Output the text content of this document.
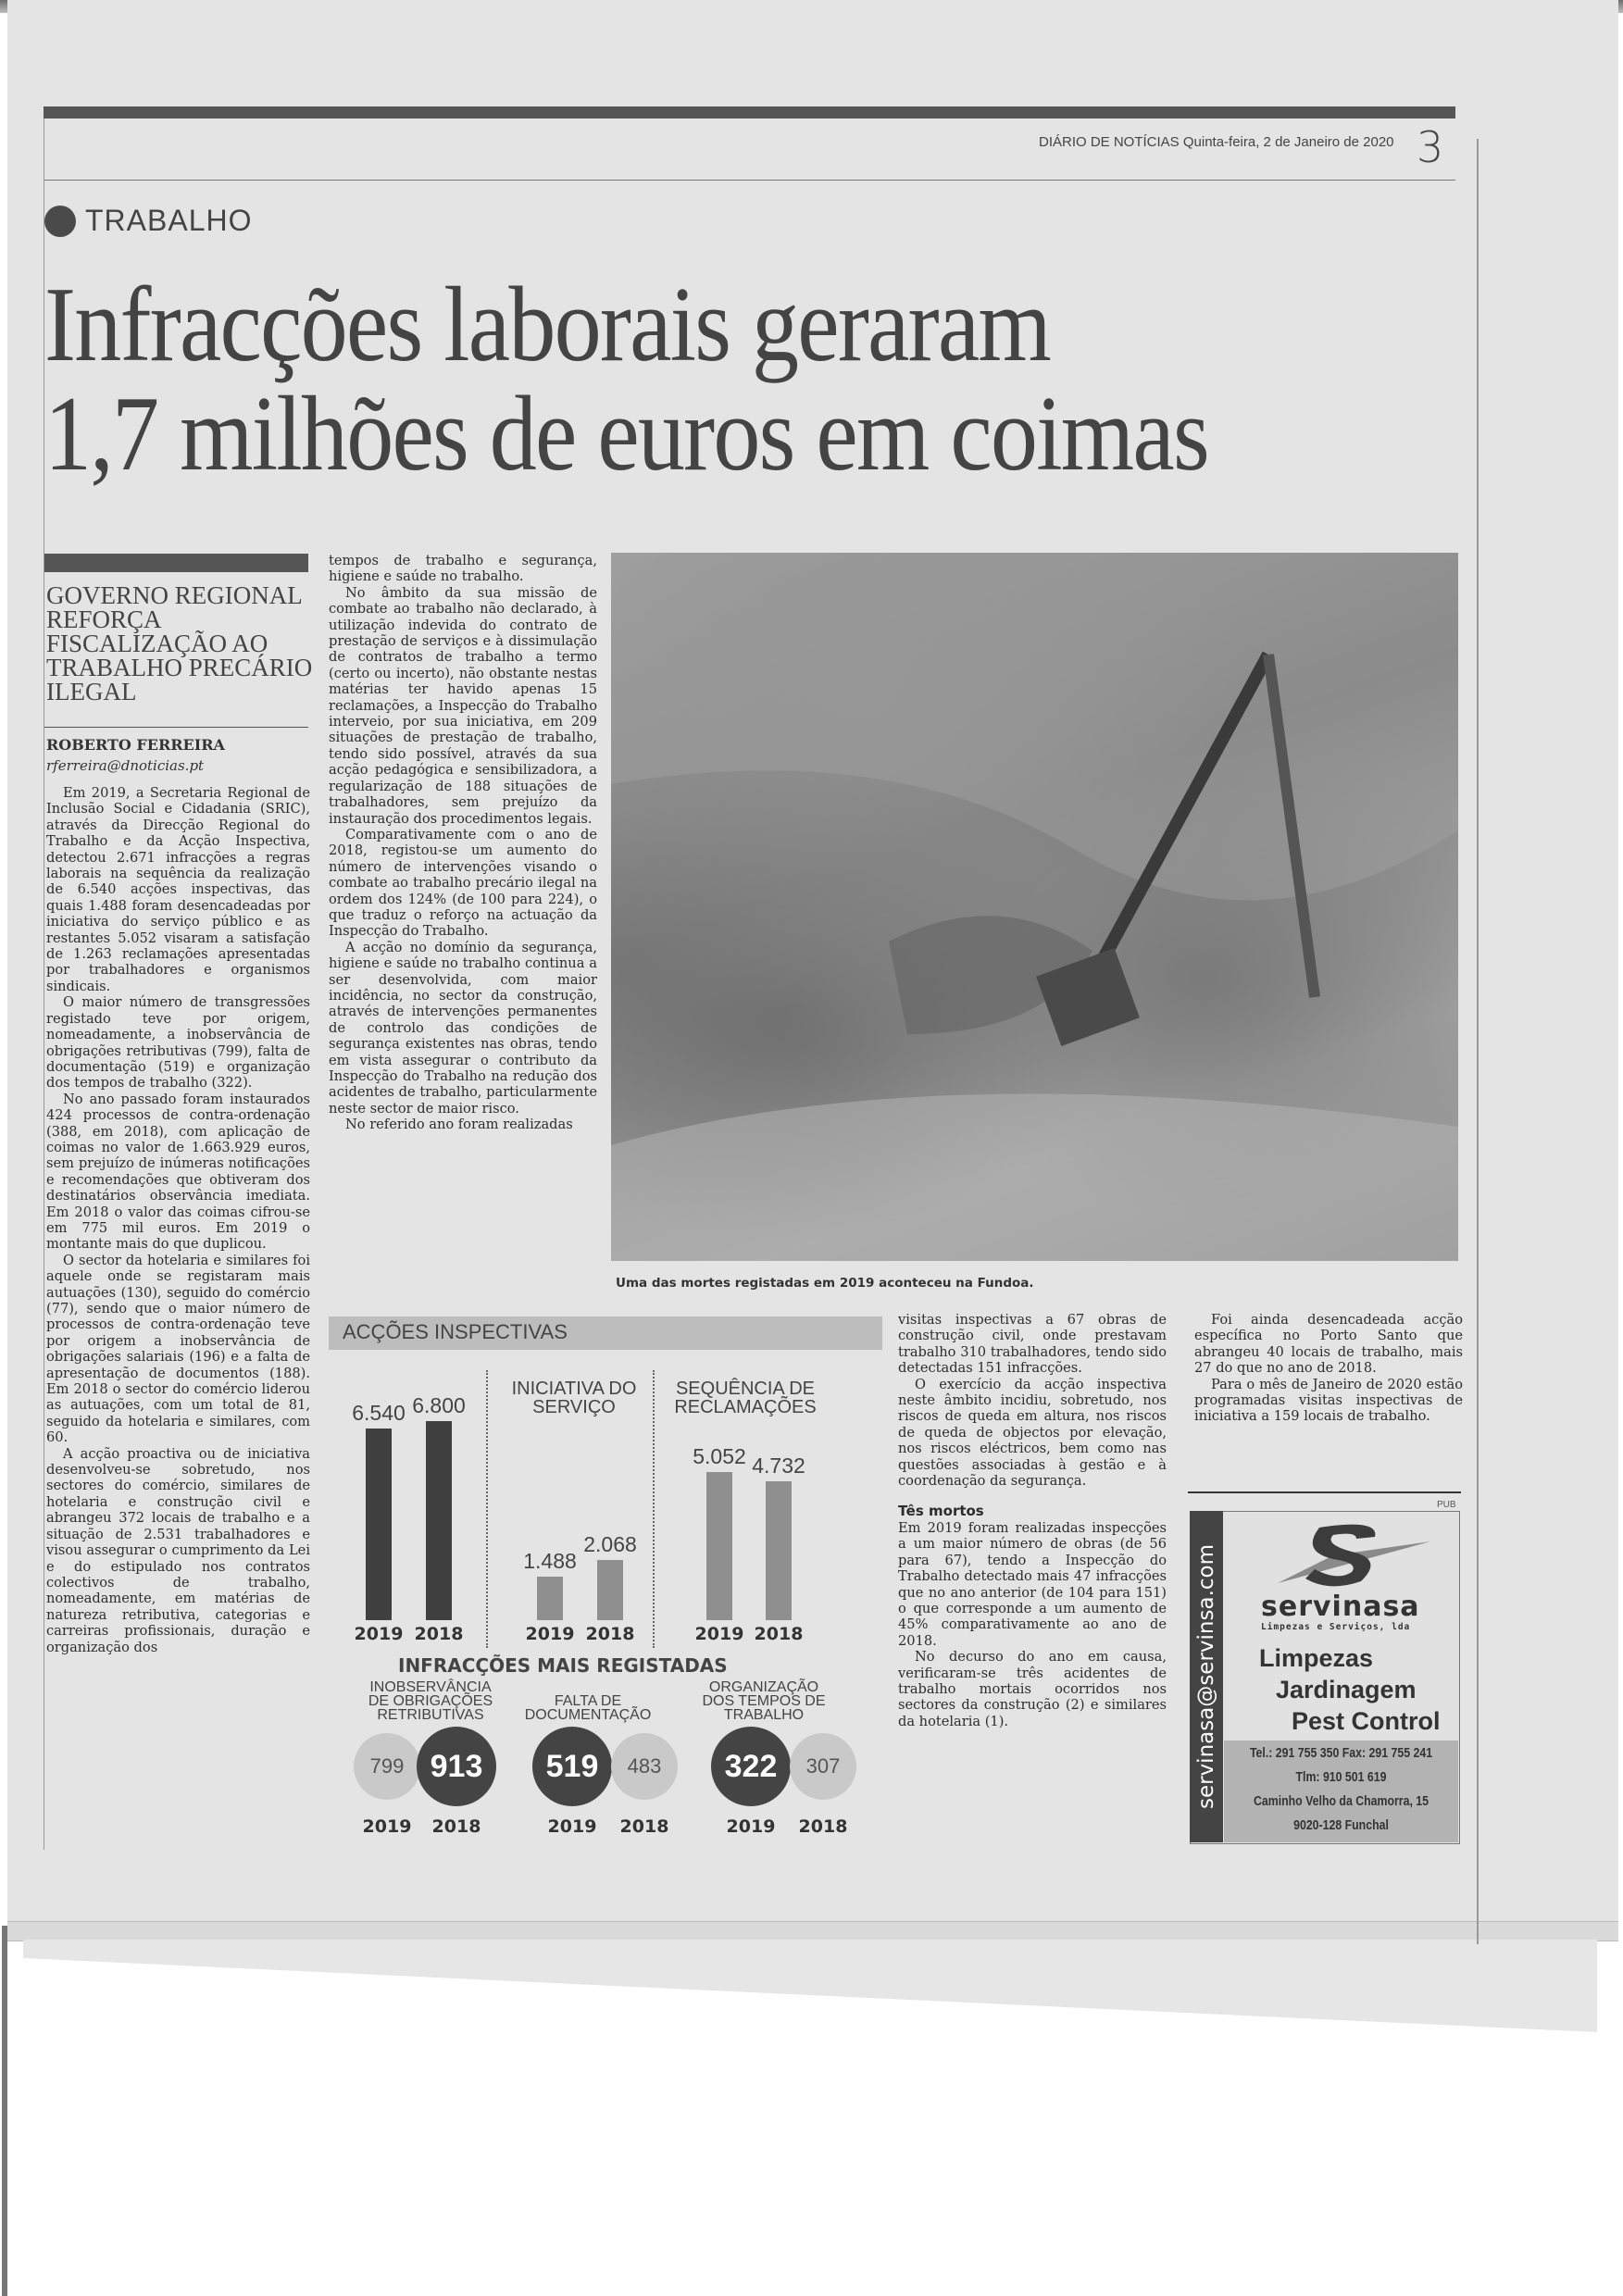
DIÁRIO DE NOTÍCIAS Quinta-feira, 2 de Janeiro de 2020 3
TRABALHO
Infracções laborais geraram
1,7 milhões de euros em coimas
GOVERNO REGIONAL REFORÇA FISCALIZAÇÃO AO TRABALHO PRECÁRIO ILEGAL
ROBERTO FERREIRA
rferreira@dnoticias.pt

Em 2019, a Secretaria Regional de Inclusão Social e Cidadania (SRIC), através da Direcção Regional do Trabalho e da Acção Inspectiva, detectou 2.671 infracções a regras laborais na sequência da realização de 6.540 acções inspectivas, das quais 1.488 foram desencadeadas por iniciativa do serviço público e as restantes 5.052 visaram a satisfação de 1.263 reclamações apresentadas por trabalhadores e organismos sindicais.

O maior número de transgressões registado teve por origem, nomeadamente, a inobservância de obrigações retributivas (799), falta de documentação (519) e organização dos tempos de trabalho (322).

No ano passado foram instaurados 424 processos de contra-ordenação (388, em 2018), com aplicação de coimas no valor de 1.663.929 euros, sem prejuízo de inúmeras notificações e recomendações que obtiveram dos destinatários observância imediata. Em 2018 o valor das coimas cifrou-se em 775 mil euros. Em 2019 o montante mais do que duplicou.

O sector da hotelaria e similares foi aquele onde se registaram mais autuações (130), seguido do comércio (77), sendo que o maior número de processos de contra-ordenação teve por origem a inobservância de obrigações salariais (196) e a falta de apresentação de documentos (188). Em 2018 o sector do comércio liderou as autuações, com um total de 81, seguido da hotelaria e similares, com 60.

A acção proactiva ou de iniciativa desenvolveu-se sobretudo, nos sectores do comércio, similares de hotelaria e construção civil e abrangeu 372 locais de trabalho e a situação de 2.531 trabalhadores e visou assegurar o cumprimento da Lei e do estipulado nos contratos colectivos de trabalho, nomeadamente, em matérias de natureza retributiva, categorias e carreiras profissionais, duração e organização dos

tempos de trabalho e segurança, higiene e saúde no trabalho.

No âmbito da sua missão de combate ao trabalho não declarado, à utilização indevida do contrato de prestação de serviços e à dissimulação de contratos de trabalho a termo (certo ou incerto), não obstante nestas matérias ter havido apenas 15 reclamações, a Inspecção do Trabalho interveio, por sua iniciativa, em 209 situações de prestação de trabalho, tendo sido possível, através da sua acção pedagógica e sensibilizadora, a regularização de 188 situações de trabalhadores, sem prejuízo da instauração dos procedimentos legais.

Comparativamente com o ano de 2018, registou-se um aumento do número de intervenções visando o combate ao trabalho precário ilegal na ordem dos 124% (de 100 para 224), o que traduz o reforço na actuação da Inspecção do Trabalho.

A acção no domínio da segurança, higiene e saúde no trabalho continua a ser desenvolvida, com maior incidência, no sector da construção, através de intervenções permanentes de controlo das condições de segurança existentes nas obras, tendo em vista assegurar o contributo da Inspecção do Trabalho na redução dos acidentes de trabalho, particularmente neste sector de maior risco.

No referido ano foram realizadas

Uma das mortes registadas em 2019 aconteceu na Fundoa.
ACÇÕES INSPECTIVAS
INICIATIVA DO SERVIÇO
SEQUÊNCIA DE RECLAMAÇÕES
6.540
2019
6.800
2018
1.488
2019
2.068
2018
5.052
2019
4.732
2018
INFRACÇÕES MAIS REGISTADAS
INOBSERVÂNCIA DE OBRIGAÇÕES RETRIBUTIVAS
799
2019
913
2018
FALTA DE DOCUMENTAÇÃO
519
2019
483
2018
ORGANIZAÇÃO DOS TEMPOS DE TRABALHO
322
2019
307
2018

visitas inspectivas a 67 obras de construção civil, onde prestavam trabalho 310 trabalhadores, tendo sido detectadas 151 infracções.

O exercício da acção inspectiva neste âmbito incidiu, sobretudo, nos riscos de queda em altura, nos riscos de queda de objectos por elevação, nos riscos eléctricos, bem como nas questões associadas à gestão e à coordenação da segurança.

Tês mortos

Em 2019 foram realizadas inspecções a um maior número de obras (de 56 para 67), tendo a Inspecção do Trabalho detectado mais 47 infracções que no ano anterior (de 104 para 151) o que corresponde a um aumento de 45% comparativamente ao ano de 2018.

No decurso do ano em causa, verificaram-se três acidentes de trabalho mortais ocorridos nos sectores da construção (2) e similares da hotelaria (1).

Foi ainda desencadeada acção específica no Porto Santo que abrangeu 40 locais de trabalho, mais 27 do que no ano de 2018.

Para o mês de Janeiro de 2020 estão programadas visitas inspectivas de iniciativa a 159 locais de trabalho.

PUB
servinasa@servinsa.com servinasa
Limpezas e Serviços, lda
Limpezas
Jardinagem
Pest Control
Tel.: 291 755 350 Fax: 291 755 241
Tlm: 910 501 619
Caminho Velho da Chamorra, 15
9020-128 Funchal
